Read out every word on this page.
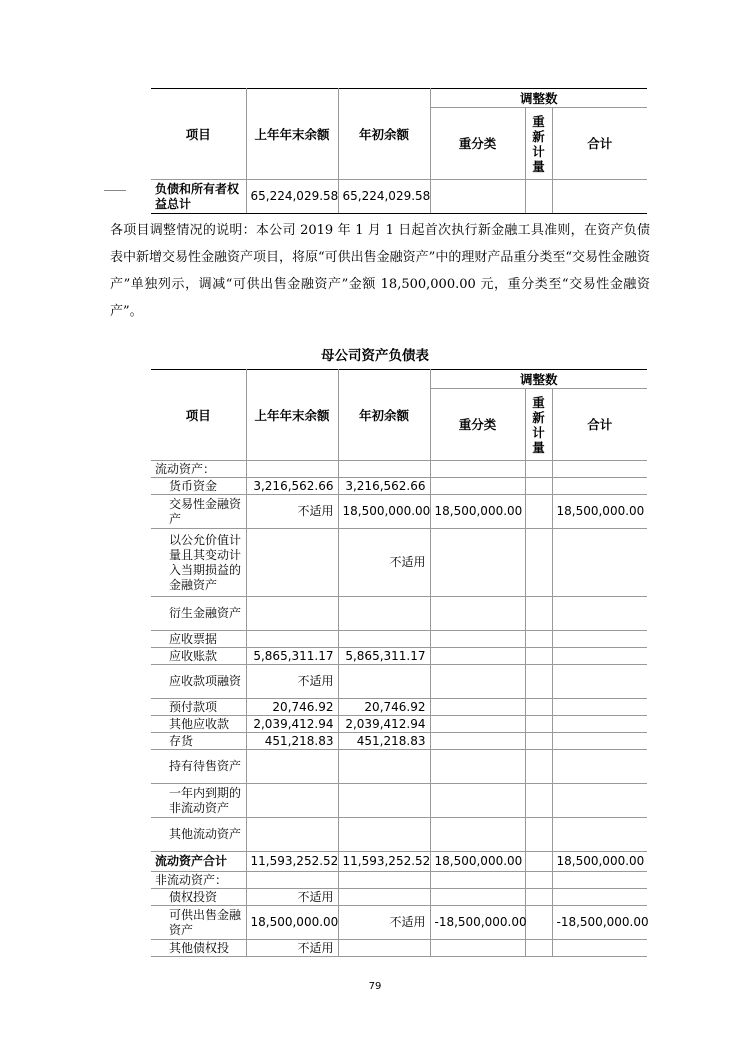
项目	上年年末余额	年初余额	调整数		
			重分类	重新计量	合计
负债和所有者权益总计	65,224,029.58	65,224,029.58			
各项目调整情况的说明：本公司 2019 年 1 月 1 日起首次执行新金融工具准则，在资产负债表中新增交易性金融资产项目，将原“可供出售金融资产”中的理财产品重分类至“交易性金融资产”单独列示，调减“可供出售金融资产”金额 18,500,000.00 元，重分类至“交易性金融资产”。
母公司资产负债表
项目	上年年末余额	年初余额	调整数		
			重分类	重新计量	合计
流动资产：					
货币资金	3,216,562.66	3,216,562.66			
交易性金融资产	不适用	18,500,000.00	18,500,000.00		18,500,000.00
以公允价值计量且其变动计入当期损益的金融资产		不适用			
衍生金融资产					
应收票据					
应收账款	5,865,311.17	5,865,311.17			
应收款项融资	不适用				
预付款项	20,746.92	20,746.92			
其他应收款	2,039,412.94	2,039,412.94			
存货	451,218.83	451,218.83			
持有待售资产					
一年内到期的非流动资产					
其他流动资产					
流动资产合计	11,593,252.52	11,593,252.52	18,500,000.00		18,500,000.00
非流动资产：					
债权投资	不适用				
可供出售金融资产	18,500,000.00	不适用	-18,500,000.00		-18,500,000.00
其他债权投	不适用				
79
